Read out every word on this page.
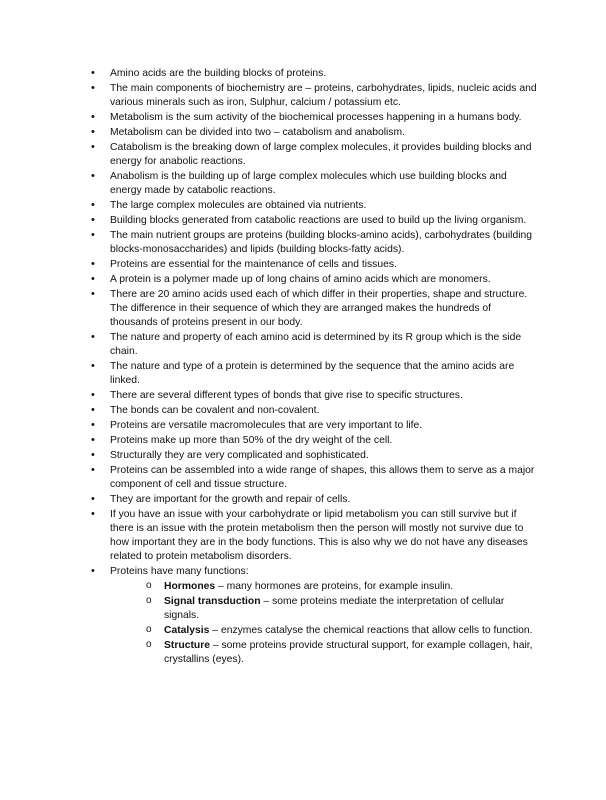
• Amino acids are the building blocks of proteins.
• The main components of biochemistry are – proteins, carbohydrates, lipids, nucleic acids and various minerals such as iron, Sulphur, calcium / potassium etc.
• Metabolism is the sum activity of the biochemical processes happening in a humans body.
• Metabolism can be divided into two – catabolism and anabolism.
• Catabolism is the breaking down of large complex molecules, it provides building blocks and energy for anabolic reactions.
• Anabolism is the building up of large complex molecules which use building blocks and energy made by catabolic reactions.
• The large complex molecules are obtained via nutrients.
• Building blocks generated from catabolic reactions are used to build up the living organism.
• The main nutrient groups are proteins (building blocks-amino acids), carbohydrates (building blocks-monosaccharides) and lipids (building blocks-fatty acids).
• Proteins are essential for the maintenance of cells and tissues.
• A protein is a polymer made up of long chains of amino acids which are monomers.
• There are 20 amino acids used each of which differ in their properties, shape and structure. The difference in their sequence of which they are arranged makes the hundreds of thousands of proteins present in our body.
• The nature and property of each amino acid is determined by its R group which is the side chain.
• The nature and type of a protein is determined by the sequence that the amino acids are linked.
• There are several different types of bonds that give rise to specific structures.
• The bonds can be covalent and non-covalent.
• Proteins are versatile macromolecules that are very important to life.
• Proteins make up more than 50% of the dry weight of the cell.
• Structurally they are very complicated and sophisticated.
• Proteins can be assembled into a wide range of shapes, this allows them to serve as a major component of cell and tissue structure.
• They are important for the growth and repair of cells.
• If you have an issue with your carbohydrate or lipid metabolism you can still survive but if there is an issue with the protein metabolism then the person will mostly not survive due to how important they are in the body functions. This is also why we do not have any diseases related to protein metabolism disorders.
• Proteins have many functions:
o Hormones – many hormones are proteins, for example insulin.
o Signal transduction – some proteins mediate the interpretation of cellular signals.
o Catalysis – enzymes catalyse the chemical reactions that allow cells to function.
o Structure – some proteins provide structural support, for example collagen, hair, crystallins (eyes).
